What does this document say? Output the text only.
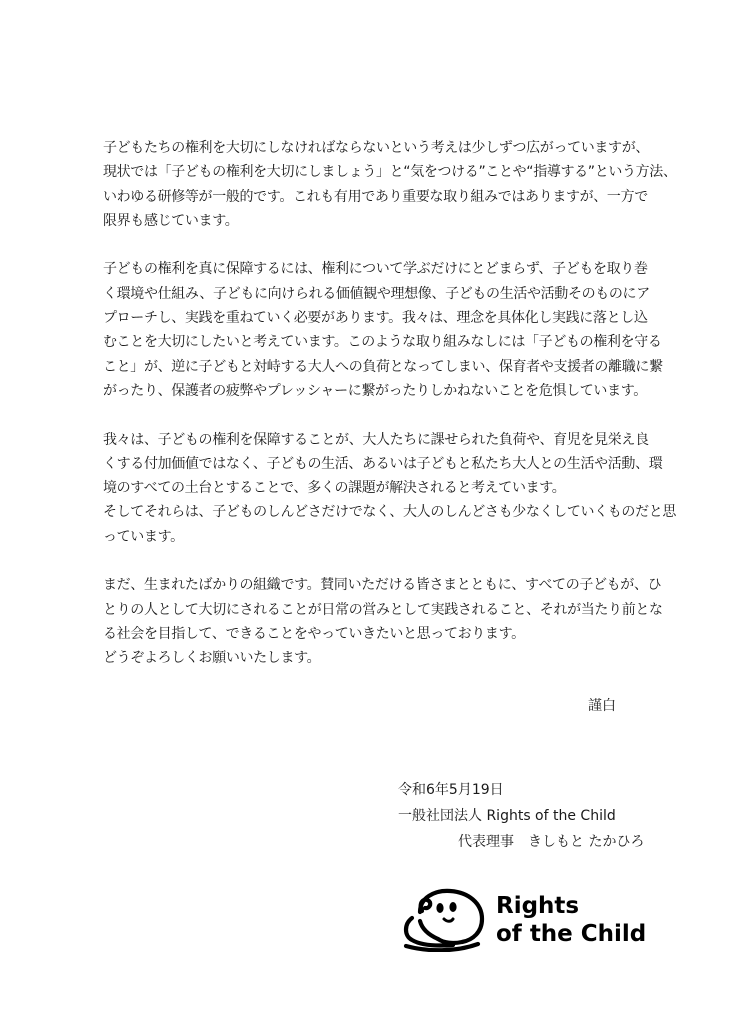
子どもたちの権利を大切にしなければならないという考えは少しずつ広がっていますが、
現状では「子どもの権利を大切にしましょう」と“気をつける”ことや“指導する”という方法、
いわゆる研修等が一般的です。これも有用であり重要な取り組みではありますが、一方で
限界も感じています。

子どもの権利を真に保障するには、権利について学ぶだけにとどまらず、子どもを取り巻
く環境や仕組み、子どもに向けられる価値観や理想像、子どもの生活や活動そのものにア
プローチし、実践を重ねていく必要があります。我々は、理念を具体化し実践に落とし込
むことを大切にしたいと考えています。このような取り組みなしには「子どもの権利を守る
こと」が、逆に子どもと対峙する大人への負荷となってしまい、保育者や支援者の離職に繋
がったり、保護者の疲弊やプレッシャーに繋がったりしかねないことを危惧しています。

我々は、子どもの権利を保障することが、大人たちに課せられた負荷や、育児を見栄え良
くする付加価値ではなく、子どもの生活、あるいは子どもと私たち大人との生活や活動、環
境のすべての土台とすることで、多くの課題が解決されると考えています。
そしてそれらは、子どものしんどさだけでなく、大人のしんどさも少なくしていくものだと思
っています。

まだ、生まれたばかりの組織です。賛同いただける皆さまとともに、すべての子どもが、ひ
とりの人として大切にされることが日常の営みとして実践されること、それが当たり前とな
る社会を目指して、できることをやっていきたいと思っております。
どうぞよろしくお願いいたします。

謹白
令和6年5月19日
一般社団法人 Rights of the Child
代表理事　きしもと たかひろ
Rights
of the Child
